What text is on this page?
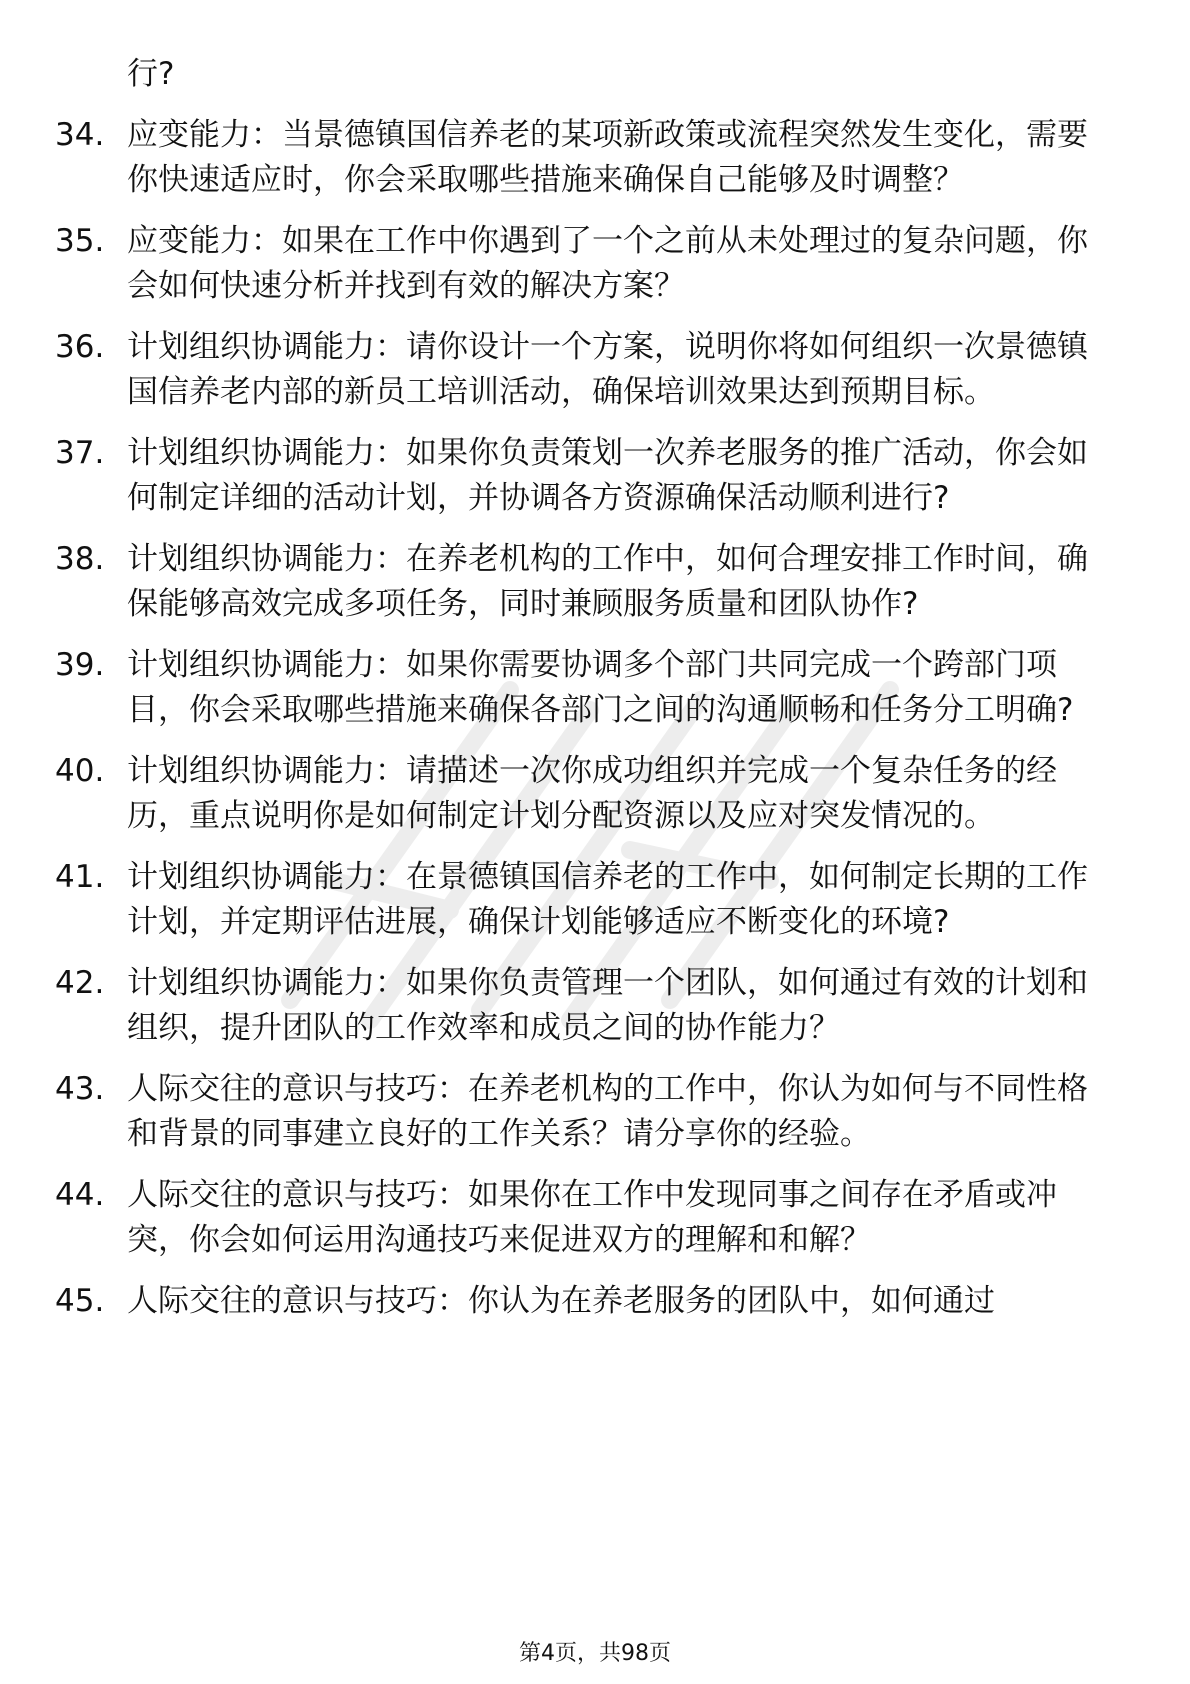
行?
34. 应变能力：当景德镇国信养老的某项新政策或流程突然发生变化，需要你快速适应时，你会采取哪些措施来确保自己能够及时调整？
35. 应变能力：如果在工作中你遇到了一个之前从未处理过的复杂问题，你会如何快速分析并找到有效的解决方案？
36. 计划组织协调能力：请你设计一个方案，说明你将如何组织一次景德镇国信养老内部的新员工培训活动，确保培训效果达到预期目标。
37. 计划组织协调能力：如果你负责策划一次养老服务的推广活动，你会如何制定详细的活动计划，并协调各方资源确保活动顺利进行?
38. 计划组织协调能力：在养老机构的工作中，如何合理安排工作时间，确保能够高效完成多项任务，同时兼顾服务质量和团队协作?
39. 计划组织协调能力：如果你需要协调多个部门共同完成一个跨部门项目，你会采取哪些措施来确保各部门之间的沟通顺畅和任务分工明确?
40. 计划组织协调能力：请描述一次你成功组织并完成一个复杂任务的经历，重点说明你是如何制定计划分配资源以及应对突发情况的。
41. 计划组织协调能力：在景德镇国信养老的工作中，如何制定长期的工作计划，并定期评估进展，确保计划能够适应不断变化的环境?
42. 计划组织协调能力：如果你负责管理一个团队，如何通过有效的计划和组织，提升团队的工作效率和成员之间的协作能力？
43. 人际交往的意识与技巧：在养老机构的工作中，你认为如何与不同性格和背景的同事建立良好的工作关系？请分享你的经验。
44. 人际交往的意识与技巧：如果你在工作中发现同事之间存在矛盾或冲突，你会如何运用沟通技巧来促进双方的理解和和解？
45. 人际交往的意识与技巧：你认为在养老服务的团队中，如何通过
第4页，共98页
